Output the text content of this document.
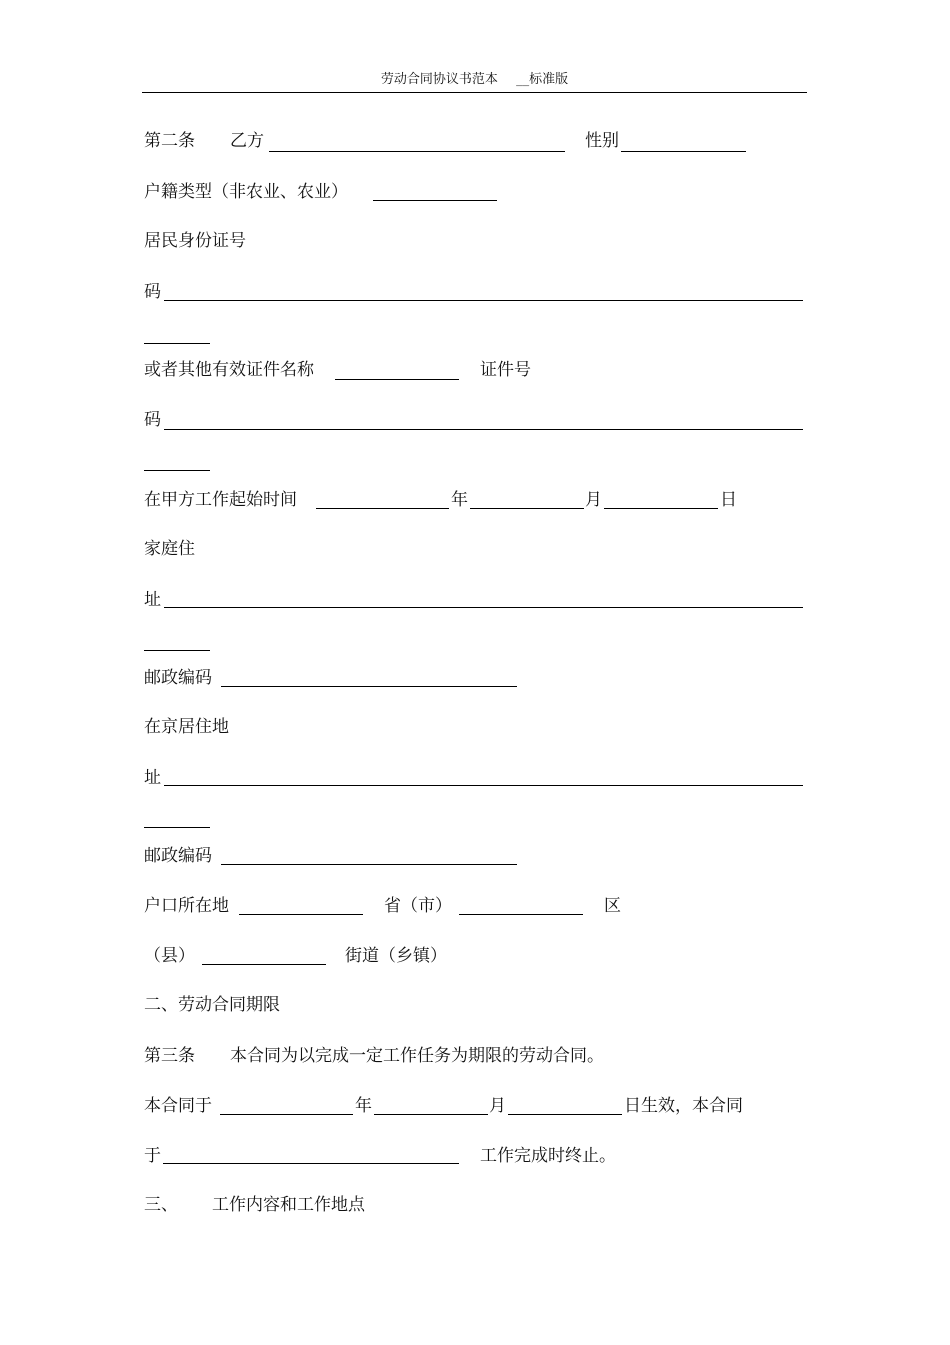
劳动合同协议书范本 __标准版
第二条 乙方	性别
户籍类型（非农业、农业）
居民身份证号
码
或者其他有效证件名称	证件号
码
在甲方工作起始时间	年	月	日
家庭住
址
邮政编码
在京居住地
址
邮政编码
户口所在地	省（市）	区
（县）	街道（乡镇）
二、劳动合同期限
第三条 本合同为以完成一定工作任务为期限的劳动合同。
本合同于	年	月	日生效，本合同
于	工作完成时终止。
三、 工作内容和工作地点
